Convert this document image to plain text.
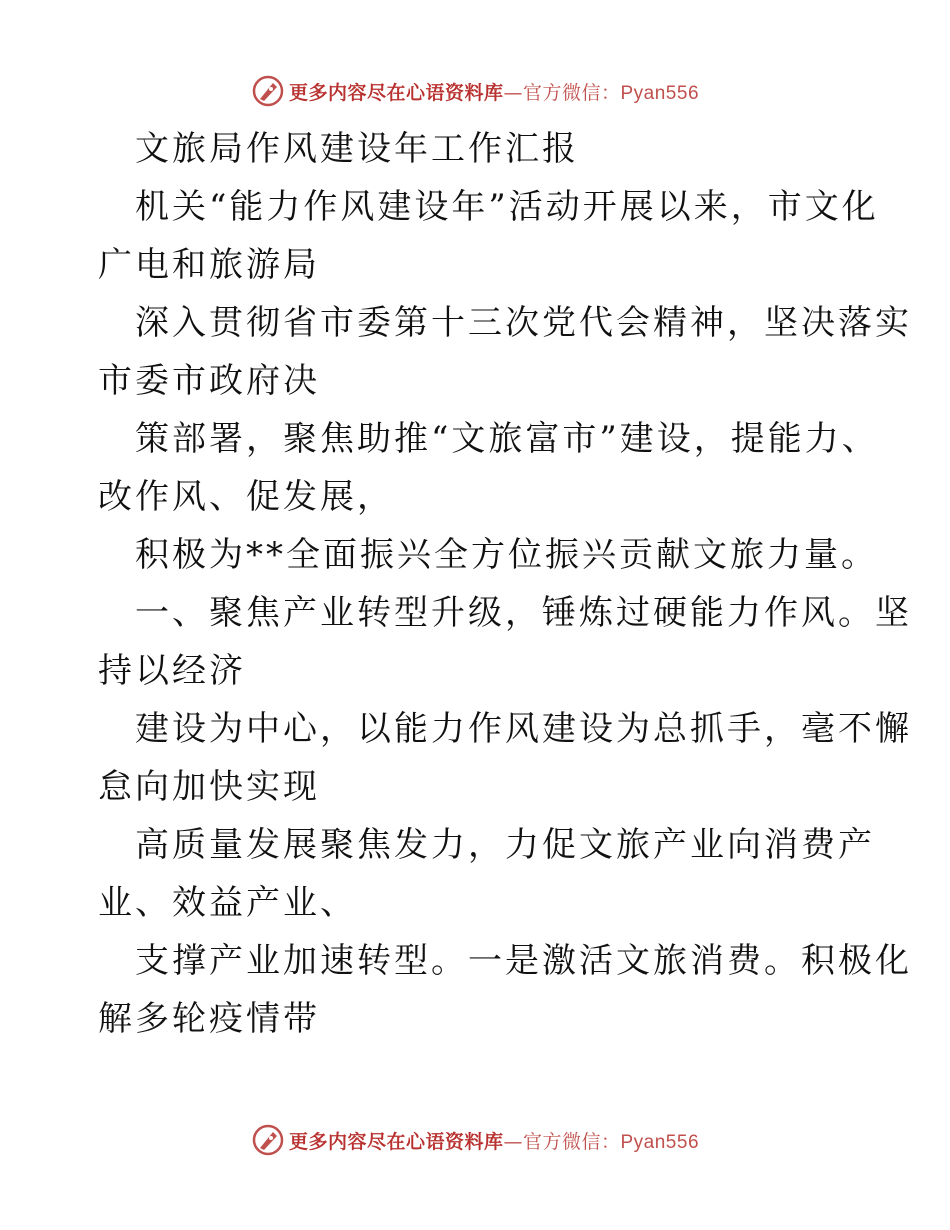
更多内容尽在心语资料库—官方微信：Pyan556
文旅局作风建设年工作汇报
机关“能力作风建设年”活动开展以来，市文化
广电和旅游局
深入贯彻省市委第十三次党代会精神，坚决落实
市委市政府决
策部署，聚焦助推“文旅富市”建设，提能力、
改作风、促发展，
积极为**全面振兴全方位振兴贡献文旅力量。
一、聚焦产业转型升级，锤炼过硬能力作风。坚
持以经济
建设为中心，以能力作风建设为总抓手，毫不懈
怠向加快实现
高质量发展聚焦发力，力促文旅产业向消费产
业、效益产业、
支撑产业加速转型。一是激活文旅消费。积极化
解多轮疫情带
更多内容尽在心语资料库—官方微信：Pyan556
